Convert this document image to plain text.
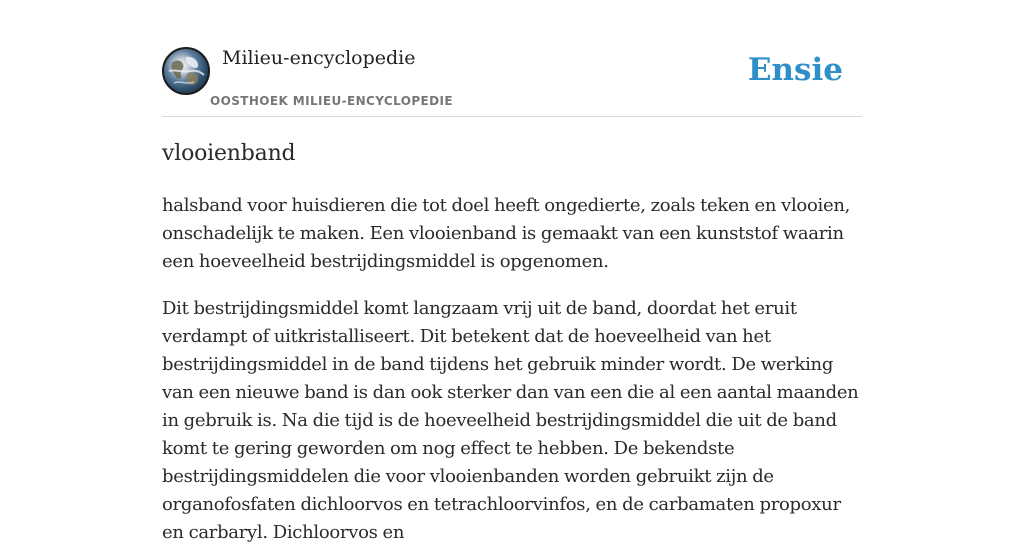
Milieu-encyclopedie
OOSTHOEK MILIEU-ENCYCLOPEDIE
Ensie
vlooienband

halsband voor huisdieren die tot doel heeft ongedierte, zoals teken en vlooien, onschadelijk te maken. Een vlooienband is gemaakt van een kunststof waarin een hoeveelheid bestrijdingsmiddel is opgenomen.

Dit bestrijdingsmiddel komt langzaam vrij uit de band, doordat het eruit verdampt of uitkristalliseert. Dit betekent dat de hoeveelheid van het bestrijdingsmiddel in de band tijdens het gebruik minder wordt. De werking van een nieuwe band is dan ook sterker dan van een die al een aantal maanden in gebruik is. Na die tijd is de hoeveelheid bestrijdingsmiddel die uit de band komt te gering geworden om nog effect te hebben. De bekendste bestrijdingsmiddelen die voor vlooienbanden worden gebruikt zijn de organofosfaten dichloorvos en tetrachloorvinfos, en de carbamaten propoxur en carbaryl. Dichloorvos en
